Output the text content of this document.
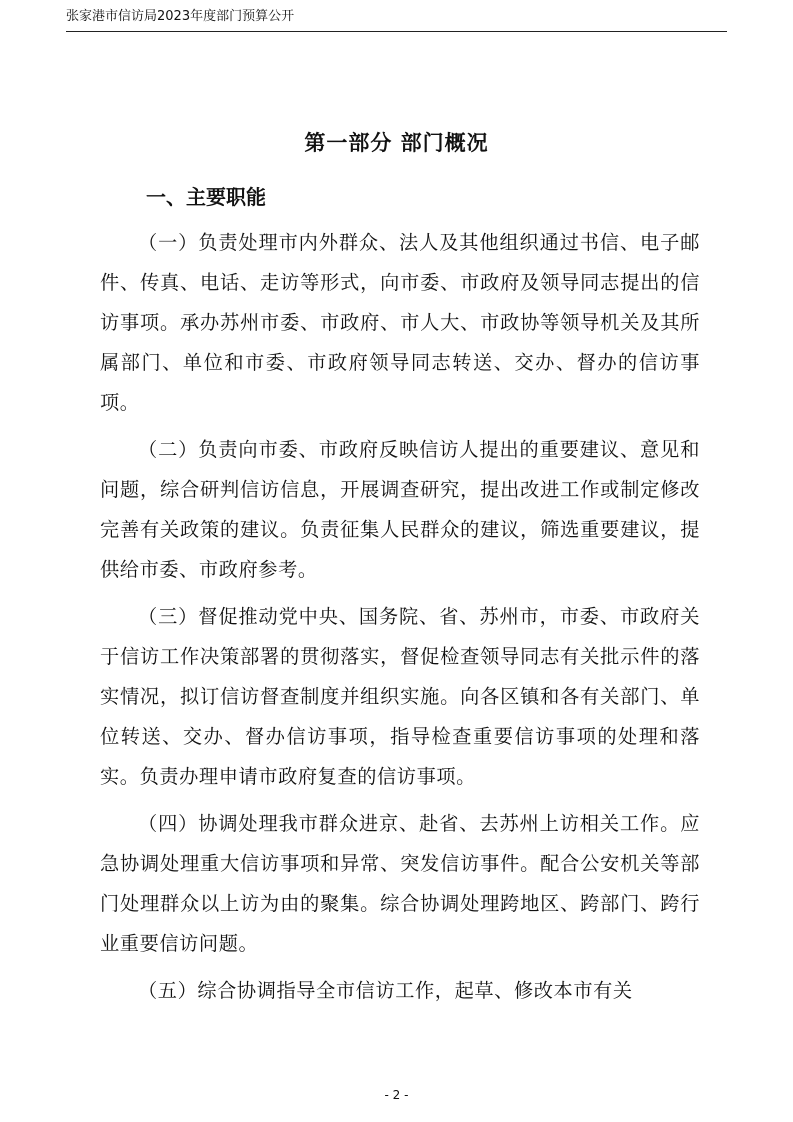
张家港市信访局2023年度部门预算公开
第一部分 部门概况
一、主要职能

（一）负责处理市内外群众、法人及其他组织通过书信、电子邮件、传真、电话、走访等形式，向市委、市政府及领导同志提出的信访事项。承办苏州市委、市政府、市人大、市政协等领导机关及其所属部门、单位和市委、市政府领导同志转送、交办、督办的信访事项。

（二）负责向市委、市政府反映信访人提出的重要建议、意见和问题，综合研判信访信息，开展调查研究，提出改进工作或制定修改完善有关政策的建议。负责征集人民群众的建议，筛选重要建议，提供给市委、市政府参考。

（三）督促推动党中央、国务院、省、苏州市，市委、市政府关于信访工作决策部署的贯彻落实，督促检查领导同志有关批示件的落实情况，拟订信访督查制度并组织实施。向各区镇和各有关部门、单位转送、交办、督办信访事项，指导检查重要信访事项的处理和落实。负责办理申请市政府复查的信访事项。

（四）协调处理我市群众进京、赴省、去苏州上访相关工作。应急协调处理重大信访事项和异常、突发信访事件。配合公安机关等部门处理群众以上访为由的聚集。综合协调处理跨地区、跨部门、跨行业重要信访问题。

（五）综合协调指导全市信访工作，起草、修改本市有关

- 2 -
